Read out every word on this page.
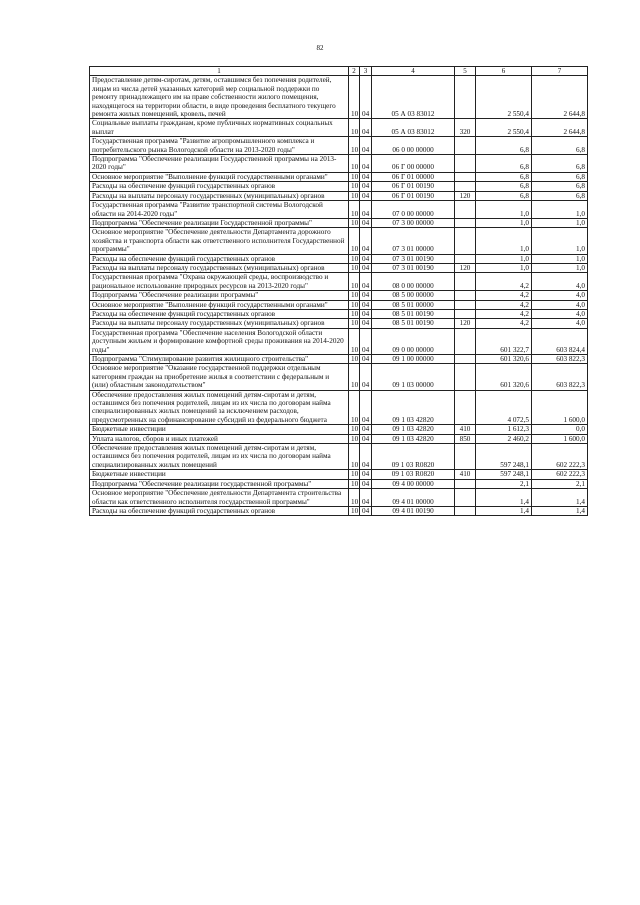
82
1	2	3	4	5	6	7
Предоставление детям-сиротам, детям, оставшимся без попечения родителей, лицам из числа детей указанных категорий мер социальной поддержки по ремонту принадлежащего им на праве собственности жилого помещения, находящегося на территории области, в виде проведения бесплатного текущего ремонта жилых помещений, кровель, печей	10	04	05 А 03 83012		2 550,4	2 644,8
Социальные выплаты гражданам, кроме публичных нормативных социальных выплат	10	04	05 А 03 83012	320	2 550,4	2 644,8
Государственная программа "Развитие агропромышленного комплекса и потребительского рынка Вологодской области на 2013-2020 годы"	10	04	06 0 00 00000		6,8	6,8
Подпрограмма "Обеспечение реализации Государственной программы на 2013-2020 годы"	10	04	06 Г 00 00000		6,8	6,8
Основное мероприятие "Выполнение функций государственными органами"	10	04	06 Г 01 00000		6,8	6,8
Расходы на обеспечение функций государственных органов	10	04	06 Г 01 00190		6,8	6,8
Расходы на выплаты персоналу государственных (муниципальных) органов	10	04	06 Г 01 00190	120	6,8	6,8
Государственная программа "Развитие транспортной системы Вологодской области на 2014-2020 годы"	10	04	07 0 00 00000		1,0	1,0
Подпрограмма "Обеспечение реализации Государственной программы"	10	04	07 3 00 00000		1,0	1,0
Основное мероприятие "Обеспечение деятельности Департамента дорожного хозяйства и транспорта области как ответственного исполнителя Государственной программы"	10	04	07 3 01 00000		1,0	1,0
Расходы на обеспечение функций государственных органов	10	04	07 3 01 00190		1,0	1,0
Расходы на выплаты персоналу государственных (муниципальных) органов	10	04	07 3 01 00190	120	1,0	1,0
Государственная программа "Охрана окружающей среды, воспроизводство и рациональное использование природных ресурсов на 2013-2020 годы"	10	04	08 0 00 00000		4,2	4,0
Подпрограмма "Обеспечение реализации программы"	10	04	08 5 00 00000		4,2	4,0
Основное мероприятие "Выполнение функций государственными органами"	10	04	08 5 01 00000		4,2	4,0
Расходы на обеспечение функций государственных органов	10	04	08 5 01 00190		4,2	4,0
Расходы на выплаты персоналу государственных (муниципальных) органов	10	04	08 5 01 00190	120	4,2	4,0
Государственная программа "Обеспечение населения Вологодской области доступным жильем и формирование комфортной среды проживания на 2014-2020 годы"	10	04	09 0 00 00000		601 322,7	603 824,4
Подпрограмма "Стимулирование развития жилищного строительства"	10	04	09 1 00 00000		601 320,6	603 822,3
Основное мероприятие "Оказание государственной поддержки отдельным категориям граждан на приобретение жилья в соответствии с федеральным и (или) областным законодательством"	10	04	09 1 03 00000		601 320,6	603 822,3
Обеспечение предоставления жилых помещений детям-сиротам и детям, оставшимся без попечения родителей, лицам из их числа по договорам найма специализированных жилых помещений за исключением расходов, предусмотренных на софинансирование субсидий из федерального бюджета	10	04	09 1 03 42820		4 072,5	1 600,0
Бюджетные инвестиции	10	04	09 1 03 42820	410	1 612,3	0,0
Уплата налогов, сборов и иных платежей	10	04	09 1 03 42820	850	2 460,2	1 600,0
Обеспечение предоставления жилых помещений детям-сиротам и детям, оставшимся без попечения родителей, лицам из их числа по договорам найма специализированных жилых помещений	10	04	09 1 03 R0820		597 248,1	602 222,3
Бюджетные инвестиции	10	04	09 1 03 R0820	410	597 248,1	602 222,3
Подпрограмма "Обеспечение реализации государственной программы"	10	04	09 4 00 00000		2,1	2,1
Основное мероприятие "Обеспечение деятельности Департамента строительства области как ответственного исполнителя государственной программы"	10	04	09 4 01 00000		1,4	1,4
Расходы на обеспечение функций государственных органов	10	04	09 4 01 00190		1,4	1,4
